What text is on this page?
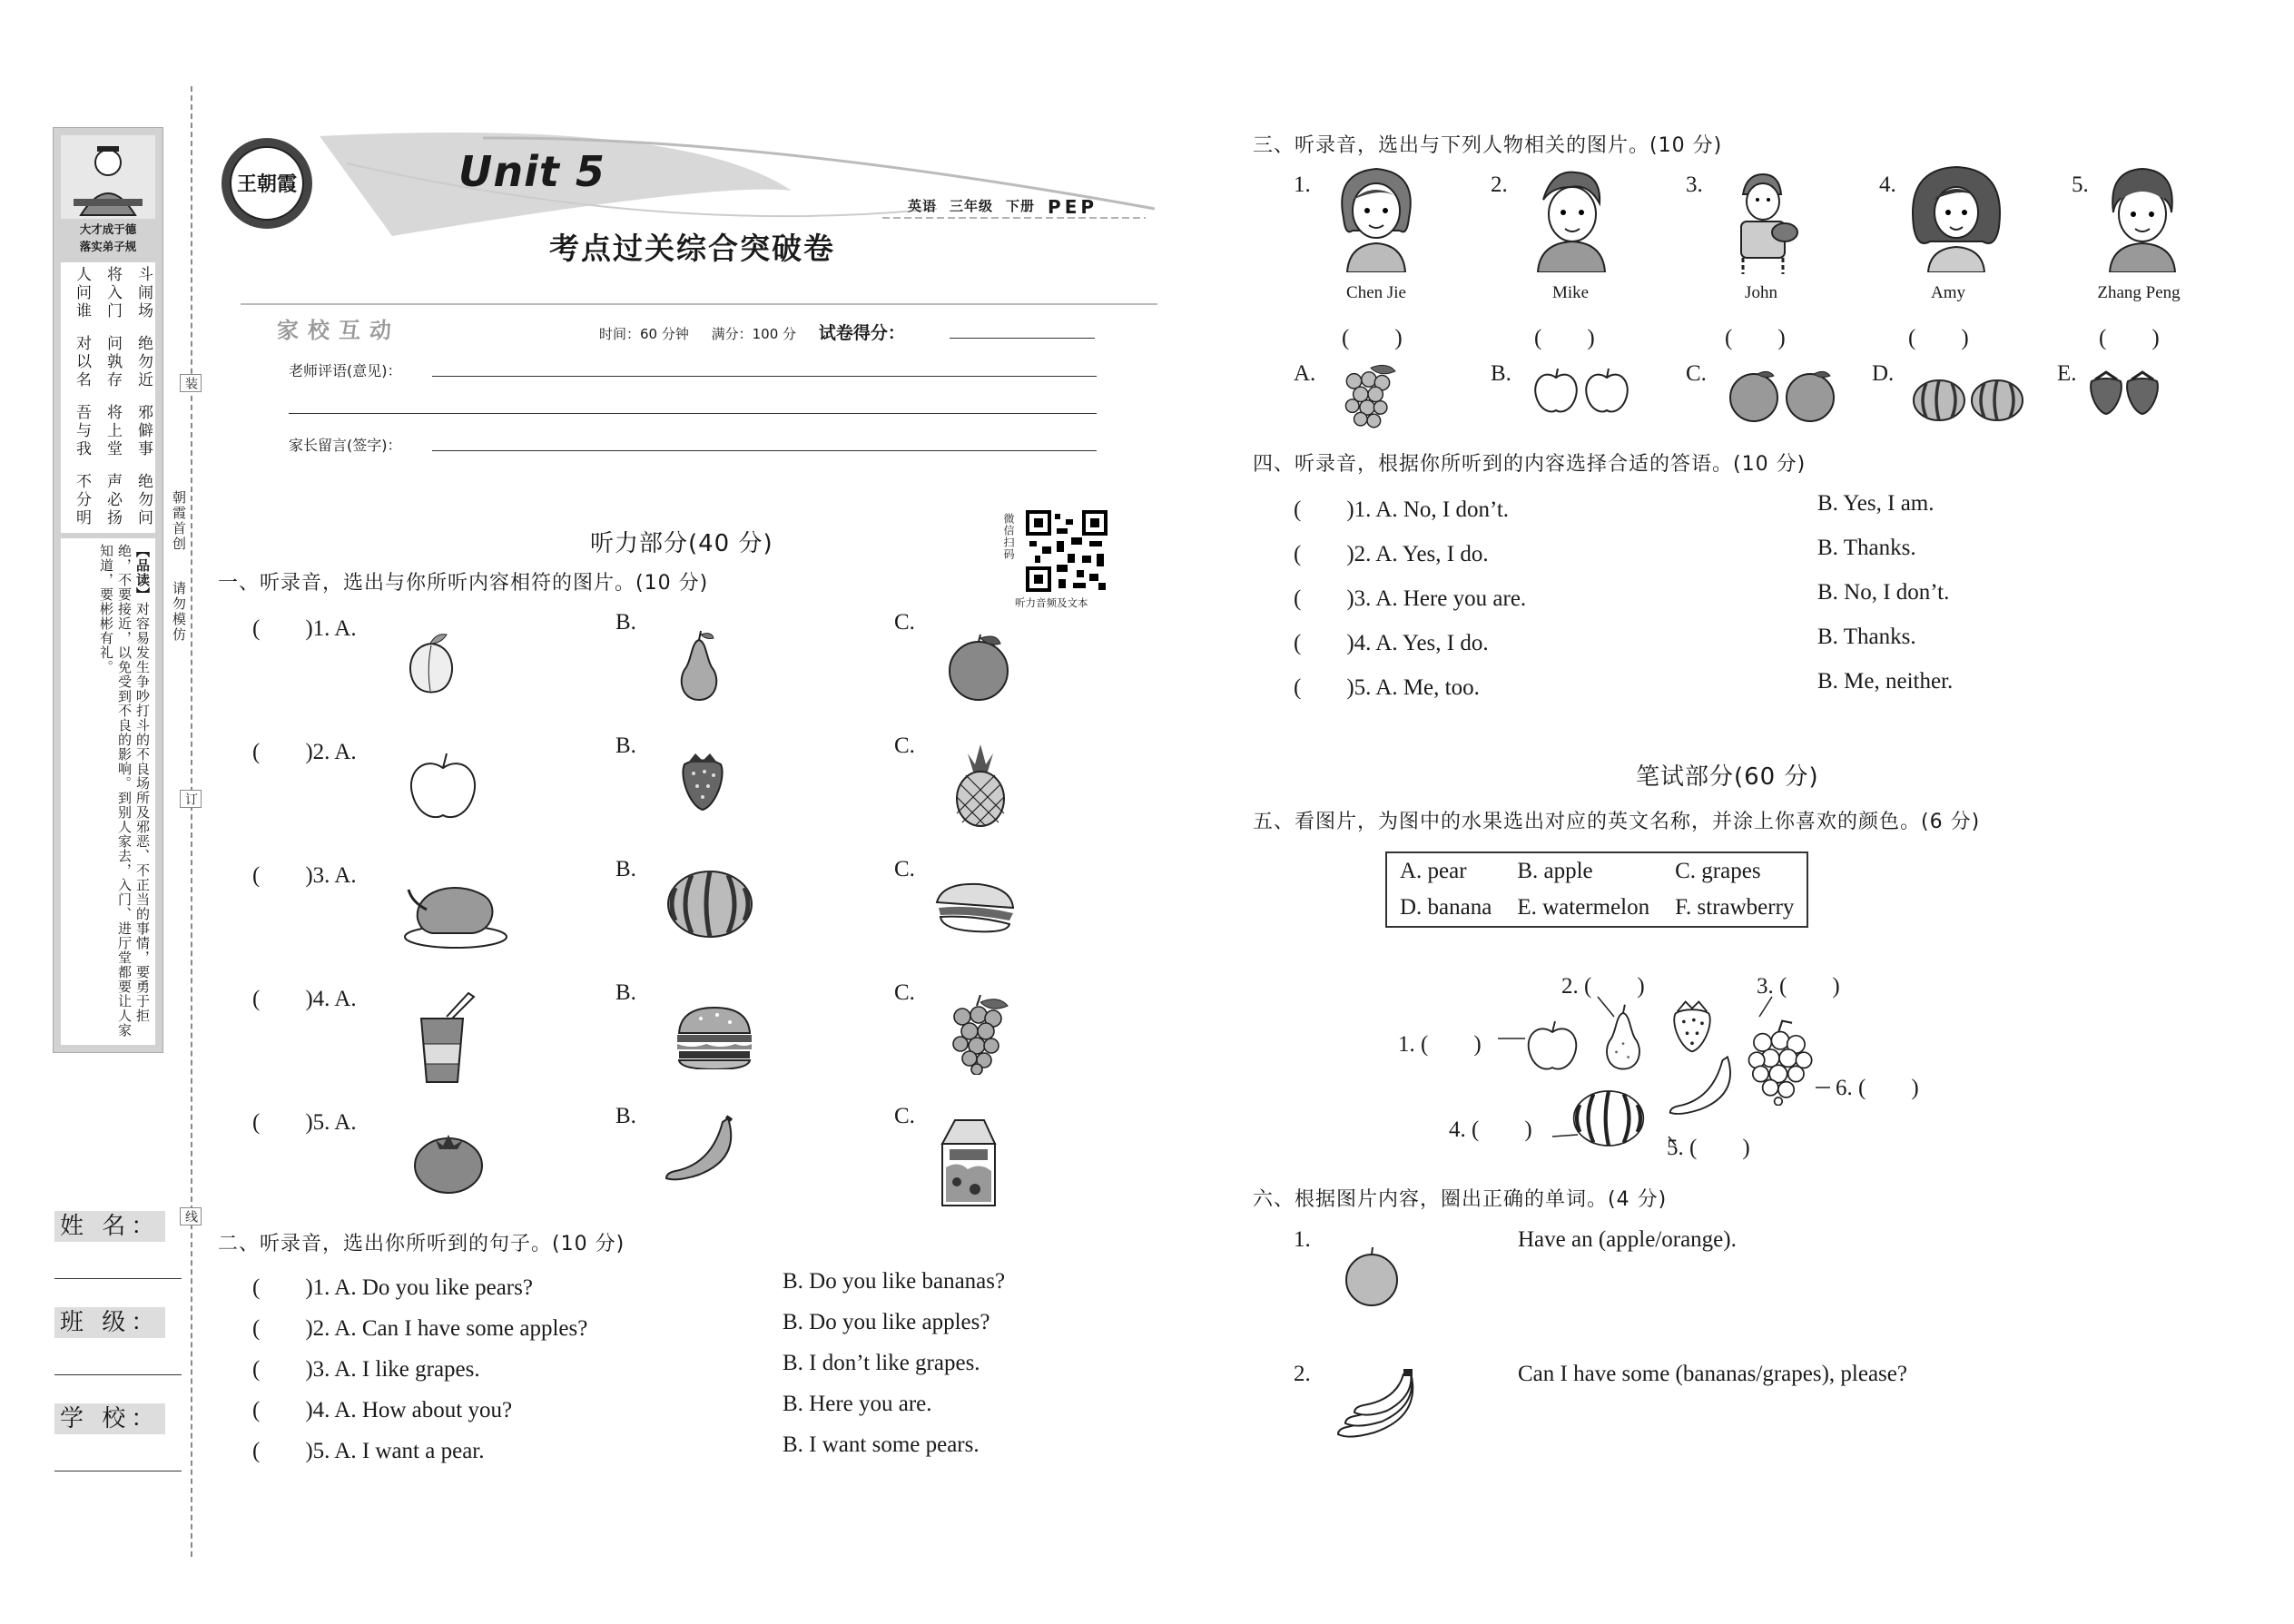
大才成于德
落实弟子规
斗闹场
绝勿近
邪僻事
绝勿问
将入门
问孰存
将上堂
声必扬
人问谁
对以名
吾与我
不分明
【品读】对容易发生争吵打斗的不良场所及邪恶、不正当的事情，要勇于拒绝，不要接近，以免受到不良的影响。到别人家去，入门、进厅堂都要让人家知道，要彬彬有礼。
装
订
线
朝霞首创
请勿模仿
姓 名：
班 级：
学 校：
王朝霞	Unit 5
考点过关综合突破卷
英语 三年级 下册 PEP
家校互动	时间：60 分钟 满分：100 分 试卷得分：
老师评语(意见)：
家长留言(签字)：
微信扫码
听力音频及文本
听力部分(40 分)
一、听录音，选出与你所听内容相符的图片。(10 分)
(　　)1. A.	B.	C.
(　　)2. A.	B.	C.
(　　)3. A.	B.	C.
(　　)4. A.	B.	C.
(　　)5. A.	B.	C.
二、听录音，选出你所听到的句子。(10 分)
(　　)1. A. Do you like pears?	B. Do you like bananas?
(　　)2. A. Can I have some apples?	B. Do you like apples?
(　　)3. A. I like grapes.	B. I don’t like grapes.
(　　)4. A. How about you?	B. Here you are.
(　　)5. A. I want a pear.	B. I want some pears.
三、听录音，选出与下列人物相关的图片。(10 分)
1.
Chen Jie
(　　)
2.
Mike
(　　)
3.
John
(　　)
4.
Amy
(　　)
5.
Zhang Peng
(　　)
A.	B.	C.	D.	E.
四、听录音，根据你所听到的内容选择合适的答语。(10 分)
(　　)1. A. No, I don’t.	B. Yes, I am.
(　　)2. A. Yes, I do.	B. Thanks.
(　　)3. A. Here you are.	B. No, I don’t.
(　　)4. A. Yes, I do.	B. Thanks.
(　　)5. A. Me, too.	B. Me, neither.
笔试部分(60 分)
五、看图片，为图中的水果选出对应的英文名称，并涂上你喜欢的颜色。(6 分)
A. pear	B. apple	C. grapes
D. banana	E. watermelon	F. strawberry
1. (　　)
2. (　　)	3. (　　)
4. (　　)
5. (　　)
6. (　　)
六、根据图片内容，圈出正确的单词。(4 分)
1.	Have an (apple/orange).
2.	Can I have some (bananas/grapes), please?
